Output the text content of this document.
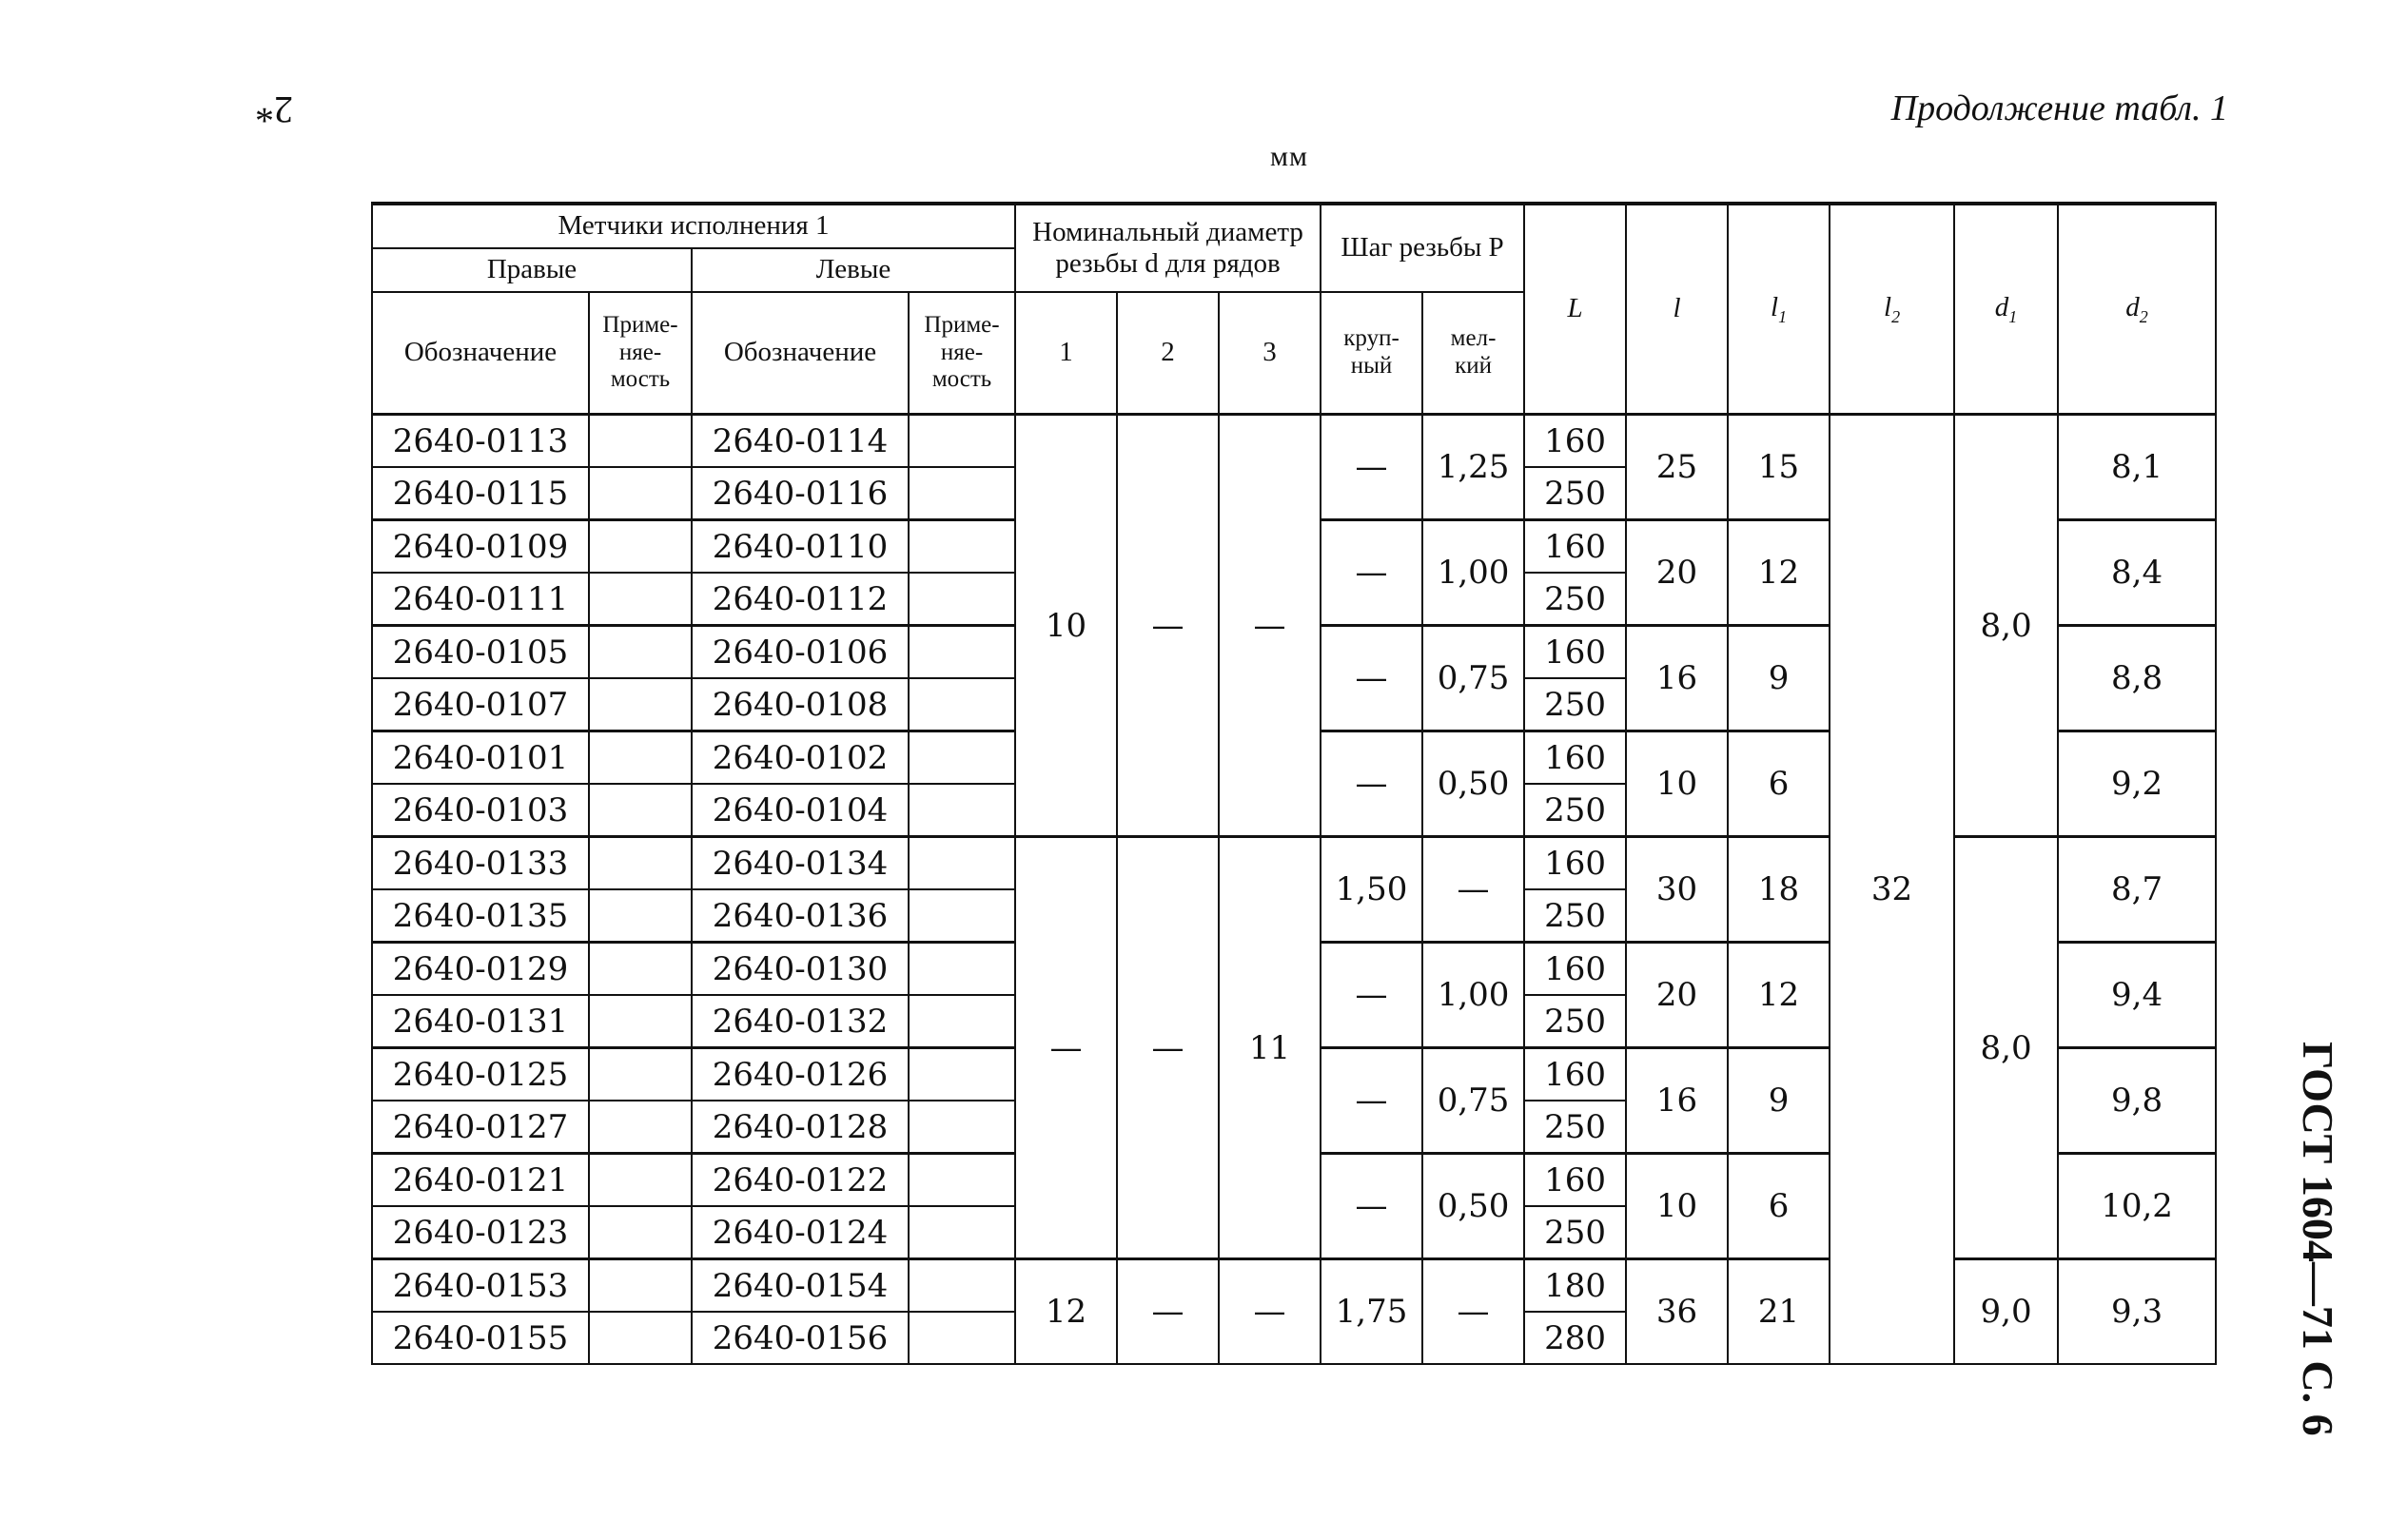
2*	Продолжение табл. 1
мм
ГОСТ 1604—71 С. 6
Метчики исполнения 1				Номинальный диаметр резьбы d для рядов			Шаг резьбы P		L	l	$l_1$	$l_2$	$d_1$	$d_2$
Правые		Левые												
Обозначение	Приме-
няе-
мость	Обозначение	Приме-
няе-
мость	1	2	3	круп-
ный	мел-
кий						
2640-0113		2640-0114		10	—	—	—	1,25	160	25	15	32	8,0	8,1
2640-0115		2640-0116							250					
2640-0109		2640-0110					—	1,00	160	20	12			8,4
2640-0111		2640-0112							250					
2640-0105		2640-0106					—	0,75	160	16	9			8,8
2640-0107		2640-0108							250					
2640-0101		2640-0102					—	0,50	160	10	6			9,2
2640-0103		2640-0104							250					
2640-0133		2640-0134		—	—	11	1,50	—	160	30	18		8,0	8,7
2640-0135		2640-0136							250					
2640-0129		2640-0130					—	1,00	160	20	12			9,4
2640-0131		2640-0132							250					
2640-0125		2640-0126					—	0,75	160	16	9			9,8
2640-0127		2640-0128							250					
2640-0121		2640-0122					—	0,50	160	10	6			10,2
2640-0123		2640-0124							250					
2640-0153		2640-0154		12	—	—	1,75	—	180	36	21		9,0	9,3
2640-0155		2640-0156							280					
